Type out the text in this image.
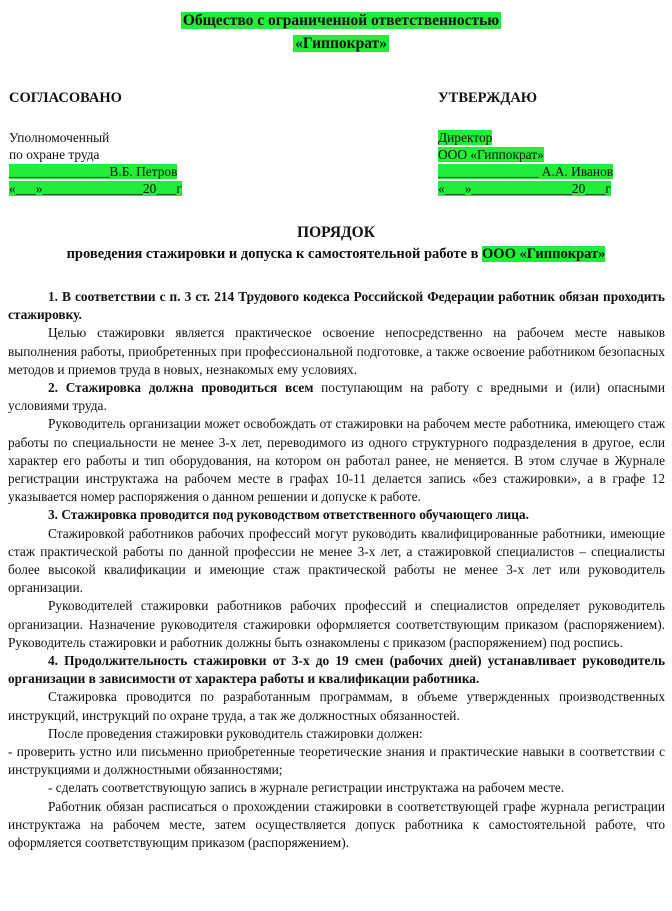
Общество с ограниченной ответственностью
«Гиппократ»
СОГЛАСОВАНО
Уполномоченный
по охране труда
_______________В.Б. Петров
«___»_______________20___г
УТВЕРЖДАЮ
Директор
ООО «Гиппократ»
_______________ А.А. Иванов
«___»_______________20___г
ПОРЯДОК
проведения стажировки и допуска к самостоятельной работе в ООО «Гиппократ»

1. В соответствии с п. 3 ст. 214 Трудового кодекса Российской Федерации работник обязан проходить стажировку.

Целью стажировки является практическое освоение непосредственно на рабочем месте навыков выполнения работы, приобретенных при профессиональной подготовке, а также освоение работником безопасных методов и приемов труда в новых, незнакомых ему условиях.

2. Стажировка должна проводиться всем поступающим на работу с вредными и (или) опасными условиями труда.

Руководитель организации может освобождать от стажировки на рабочем месте работника, имеющего стаж работы по специальности не менее 3-х лет, переводимого из одного структурного подразделения в другое, если характер его работы и тип оборудования, на котором он работал ранее, не меняется. В этом случае в Журнале регистрации инструктажа на рабочем месте в графах 10-11 делается запись «без стажировки», а в графе 12 указывается номер распоряжения о данном решении и допуске к работе.

3. Стажировка проводится под руководством ответственного обучающего лица.

Стажировкой работников рабочих профессий могут руководить квалифицированные работники, имеющие стаж практической работы по данной профессии не менее 3-х лет, а стажировкой специалистов – специалисты более высокой квалификации и имеющие стаж практической работы не менее 3-х лет или руководитель организации.

Руководителей стажировки работников рабочих профессий и специалистов определяет руководитель организации. Назначение руководителя стажировки оформляется соответствующим приказом (распоряжением). Руководитель стажировки и работник должны быть ознакомлены с приказом (распоряжением) под роспись.

4. Продолжительность стажировки от 3-х до 19 смен (рабочих дней) устанавливает руководитель организации в зависимости от характера работы и квалификации работника.

Стажировка проводится по разработанным программам, в объеме утвержденных производственных инструкций, инструкций по охране труда, а так же должностных обязанностей.

После проведения стажировки руководитель стажировки должен:

- проверить устно или письменно приобретенные теоретические знания и практические навыки в соответствии с инструкциями и должностными обязанностями;

- сделать соответствующую запись в журнале регистрации инструктажа на рабочем месте.

Работник обязан расписаться о прохождении стажировки в соответствующей графе журнала регистрации инструктажа на рабочем месте, затем осуществляется допуск работника к самостоятельной работе, что оформляется соответствующим приказом (распоряжением).
